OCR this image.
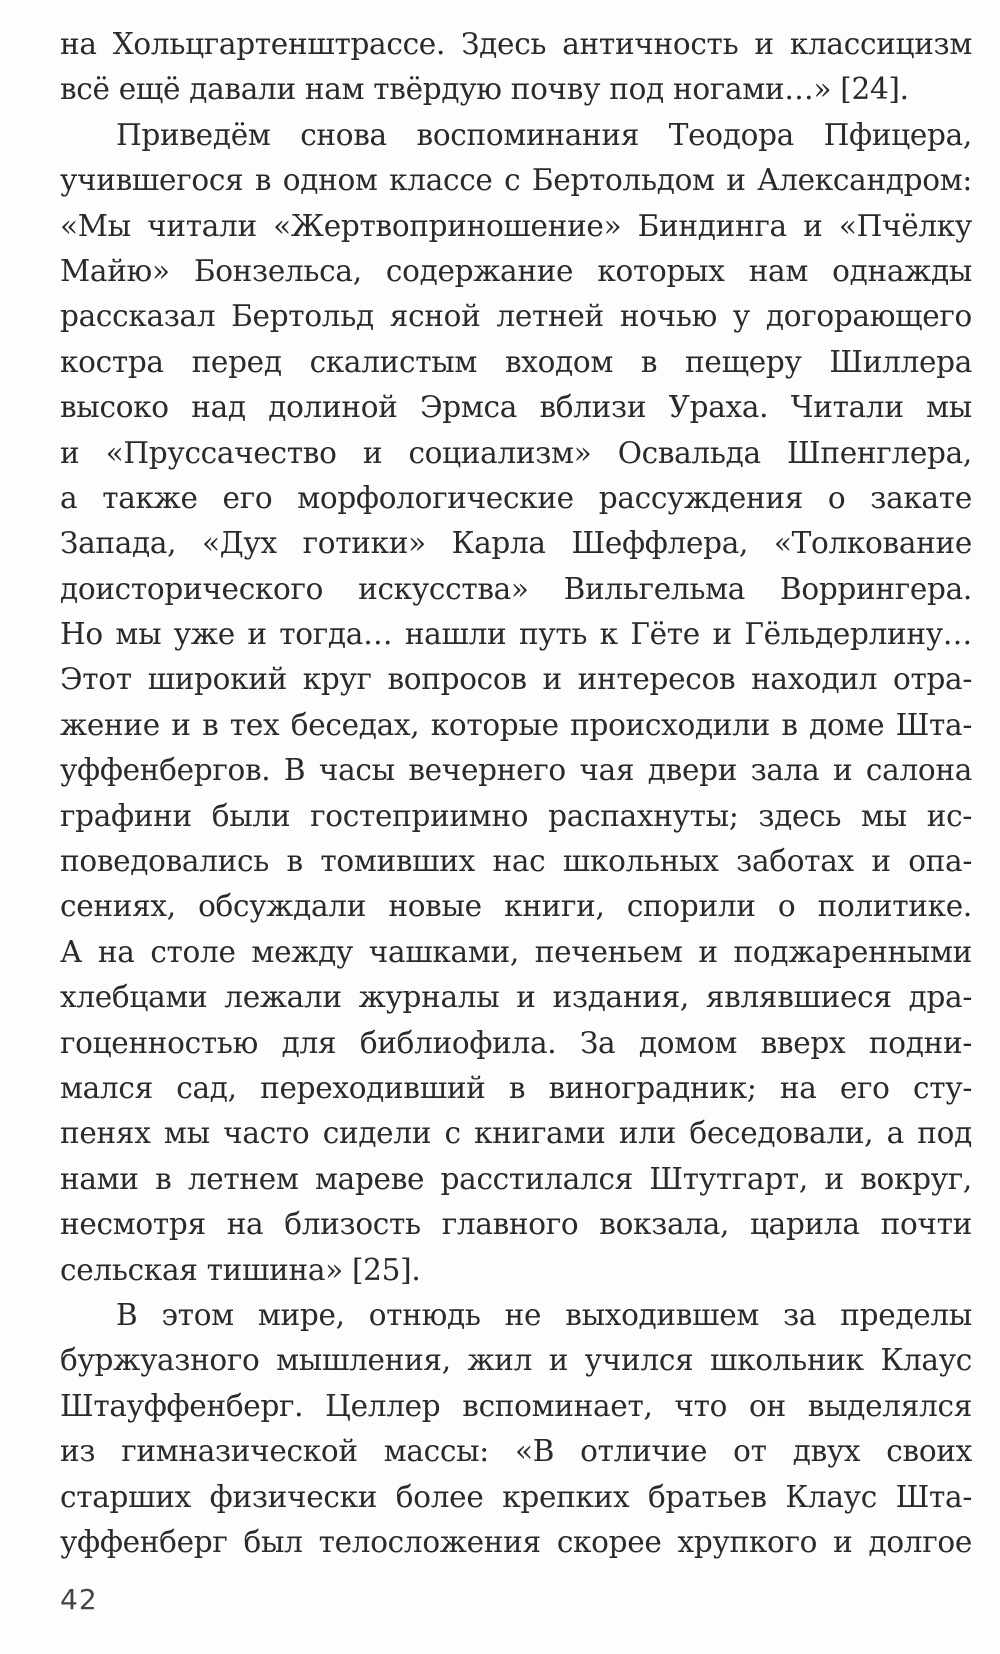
на Хольцгартенштрассе. Здесь античность и классицизм
всё ещё давали нам твёрдую почву под ногами…» [24].
Приведём снова воспоминания Теодора Пфицера,
учившегося в одном классе с Бертольдом и Александром:
«Мы читали «Жертвоприношение» Биндинга и «Пчёлку
Майю» Бонзельса, содержание которых нам однажды
рассказал Бертольд ясной летней ночью у догорающего
костра перед скалистым входом в пещеру Шиллера
высоко над долиной Эрмса вблизи Ураха. Читали мы
и «Пруссачество и социализм» Освальда Шпенглера,
а также его морфологические рассуждения о закате
Запада, «Дух готики» Карла Шеффлера, «Толкование
доисторического искусства» Вильгельма Воррингера.
Но мы уже и тогда… нашли путь к Гёте и Гёльдерлину…
Этот широкий круг вопросов и интересов находил отра-
жение и в тех беседах, которые происходили в доме Шта-
уффенбергов. В часы вечернего чая двери зала и салона
графини были гостеприимно распахнуты; здесь мы ис-
поведовались в томивших нас школьных заботах и опа-
сениях, обсуждали новые книги, спорили о политике.
А на столе между чашками, печеньем и поджаренными
хлебцами лежали журналы и издания, являвшиеся дра-
гоценностью для библиофила. За домом вверх подни-
мался сад, переходивший в виноградник; на его сту-
пенях мы часто сидели с книгами или беседовали, а под
нами в летнем мареве расстилался Штутгарт, и вокруг,
несмотря на близость главного вокзала, царила почти
сельская тишина» [25].
В этом мире, отнюдь не выходившем за пределы
буржуазного мышления, жил и учился школьник Клаус
Штауффенберг. Целлер вспоминает, что он выделялся
из гимназической массы: «В отличие от двух своих
старших физически более крепких братьев Клаус Шта-
уффенберг был телосложения скорее хрупкого и долгое
42
